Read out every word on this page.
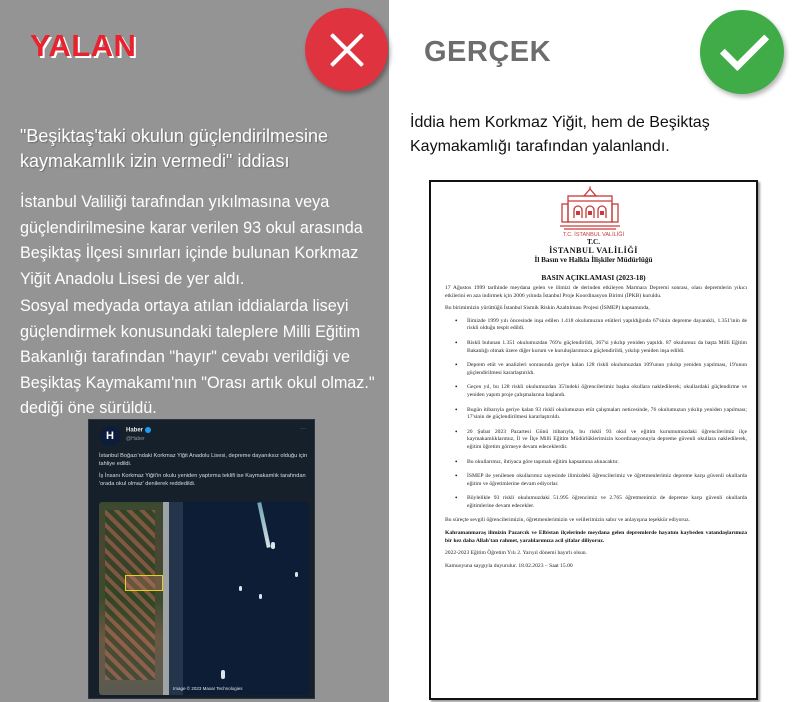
YALAN
"Beşiktaş'taki okulun güçlendirilmesine kaymakamlık izin vermedi" iddiası

İstanbul Valiliği tarafından yıkılmasına veya güçlendirilmesine karar verilen 93 okul arasında Beşiktaş İlçesi sınırları içinde bulunan Korkmaz Yiğit Anadolu Lisesi de yer aldı.

Sosyal medyada ortaya atılan iddialarda liseyi güçlendirmek konusundaki taleplere Milli Eğitim Bakanlığı tarafından "hayır" cevabı verildiği ve Beşiktaş Kaymakamı'nın "Orası artık okul olmaz." dediği öne sürüldü.

H	Haber
@Haber
···

İstanbul Boğazı'ndaki Korkmaz Yiğit Anadolu Lisesi, depreme dayanıksız olduğu için tahliye edildi.

İş İnsanı Korkmaz Yiğit'in okulu yeniden yaptırma teklifi ise Kaymakamlık tarafından 'orada okul olmaz' denilerek reddedildi.

Image © 2023 Maxar Technologies
GERÇEK
İddia hem Korkmaz Yiğit, hem de Beşiktaş Kaymakamlığı tarafından yalanlandı.
T.C. İSTANBUL VALİLİĞİ
T.C.
İSTANBUL VALİLİĞİ
İl Basın ve Halkla İlişkiler Müdürlüğü
BASIN AÇIKLAMASI (2023-18)

17 Ağustos 1999 tarihinde meydana gelen ve ilimizi de derinden etkileyen Marmara Depremi sonrası, olası depremlerin yıkıcı etkilerini en aza indirmek için 2006 yılında İstanbul Proje Koordinasyon Birimi (İPKB) kuruldu.

Bu birimimizin yürüttüğü İstanbul Sismik Riskin Azaltılması Projesi (İSMEP) kapsamında,

• İlimizde 1999 yılı öncesinde inşa edilen 1.418 okulumuzun etütleri yapıldığında 67'sinin depreme dayanıklı, 1.351'inin de riskli olduğu tespit edildi.
• Riskli bulunan 1.351 okulumuzdan 769'u güçlendirildi, 367'si yıkılıp yeniden yapıldı. 87 okulumuz da başta Milli Eğitim Bakanlığı olmak üzere diğer kurum ve kuruluşlarımızca güçlendirildi, yıkılıp yeniden inşa edildi.
• Deprem etüt ve analizleri sonrasında geriye kalan 128 riskli okulumuzdan 109'unun yıkılıp yeniden yapılması, 19'unun güçlendirilmesi kararlaştırıldı.
• Geçen yıl, bu 128 riskli okulumuzdan 35'indeki öğrencilerimiz başka okullara nakledilerek; okullardaki güçlendirme ve yeniden yapım proje çalışmalarına başlandı.
• Bugün itibarıyla geriye kalan 93 riskli okulumuzun etüt çalışmaları neticesinde, 76 okulumuzun yıkılıp yeniden yapılması; 17'sinin de güçlendirilmesi kararlaştırıldı.
• 20 Şubat 2023 Pazartesi Günü itibarıyla, bu riskli 93 okul ve eğitim kurumumuzdaki öğrencilerimiz ilçe kaymakamlıklarımız, İl ve İlçe Milli Eğitim Müdürlüklerimizin koordinasyonuyla depreme güvenli okullara nakledilerek, eğitim öğretim görmeye devam edeceklerdir.
• Bu okullarımız, ihtiyaca göre taşımalı eğitim kapsamına alınacaktır.
• İSMEP ile yenilenen okullarımız sayesinde ilimizdeki öğrencilerimiz ve öğretmenlerimiz depreme karşı güvenli okullarda eğitim ve öğretimlerine devam ediyorlar.
• Böylelikle 93 riskli okulumuzdaki 51.995 öğrencimiz ve 2.765 öğretmenimiz de depreme karşı güvenli okullarda eğitimlerine devam edecekler.

Bu süreçte sevgili öğrencilerimizin, öğretmenlerimizin ve velilerimizin sabır ve anlayışına teşekkür ediyoruz.

Kahramanmaraş ilimizin Pazarcık ve Elbistan ilçelerinde meydana gelen depremlerde hayatını kaybeden vatandaşlarımıza bir kez daha Allah'tan rahmet, yaralılarımıza acil şifalar diliyoruz.

2022-2023 Eğitim Öğretim Yılı 2. Yarıyıl dönemi hayırlı olsun.

Kamuoyuna saygıyla duyurulur. 18.02.2023 – Saat 15.00
